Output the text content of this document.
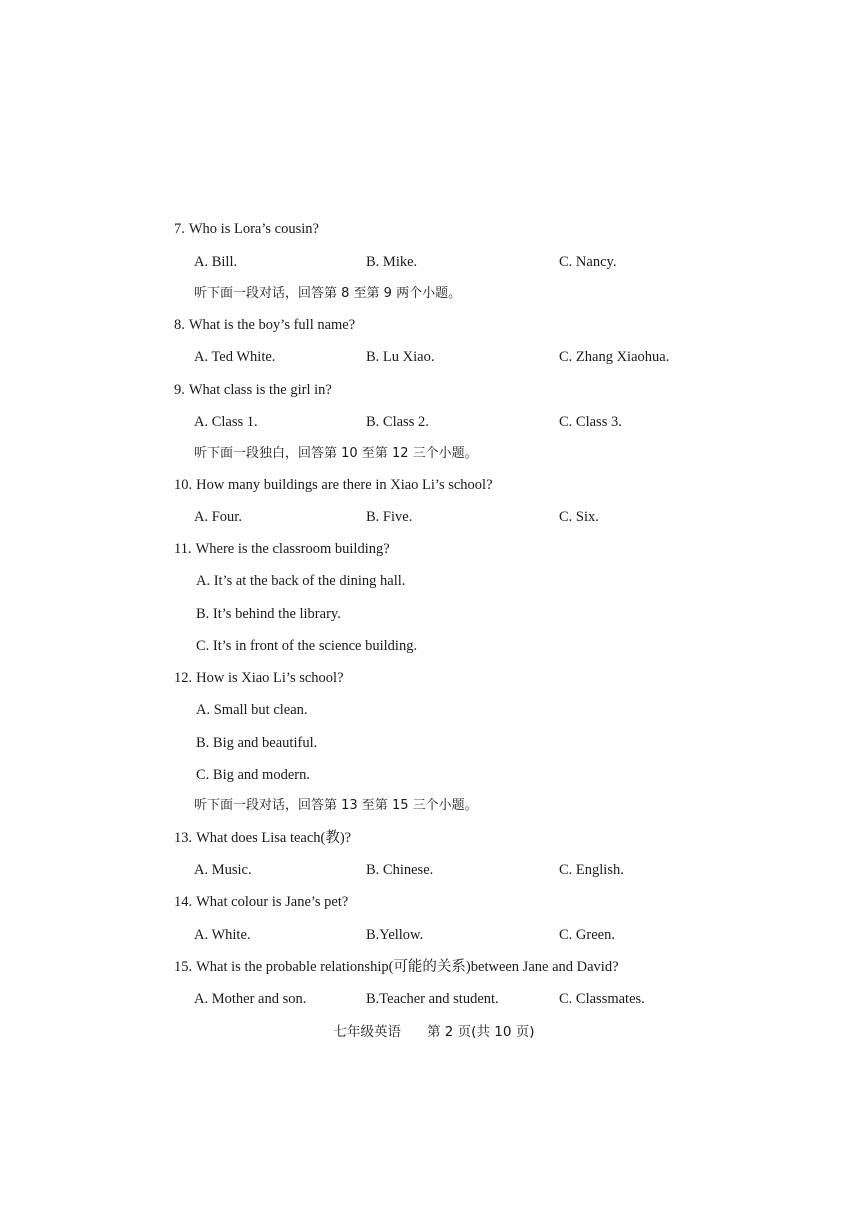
7. Who is Lora’s cousin?
A. Bill.	B. Mike.	C. Nancy.
听下面一段对话，回答第 8 至第 9 两个小题。
8. What is the boy’s full name?
A. Ted White.	B. Lu Xiao.	C. Zhang Xiaohua.
9. What class is the girl in?
A. Class 1.	B. Class 2.	C. Class 3.
听下面一段独白，回答第 10 至第 12 三个小题。
10. How many buildings are there in Xiao Li’s school?
A. Four.	B. Five.	C. Six.
11. Where is the classroom building?
A. It’s at the back of the dining hall.
B. It’s behind the library.
C. It’s in front of the science building.
12. How is Xiao Li’s school?
A. Small but clean.
B. Big and beautiful.
C. Big and modern.
听下面一段对话，回答第 13 至第 15 三个小题。
13. What does Lisa teach(教)?
A. Music.	B. Chinese.	C. English.
14. What colour is Jane’s pet?
A. White.	B.Yellow.	C. Green.
15. What is the probable relationship(可能的关系)between Jane and David?
A. Mother and son.	B.Teacher and student.	C. Classmates.
七年级英语 第 2 页(共 10 页)
